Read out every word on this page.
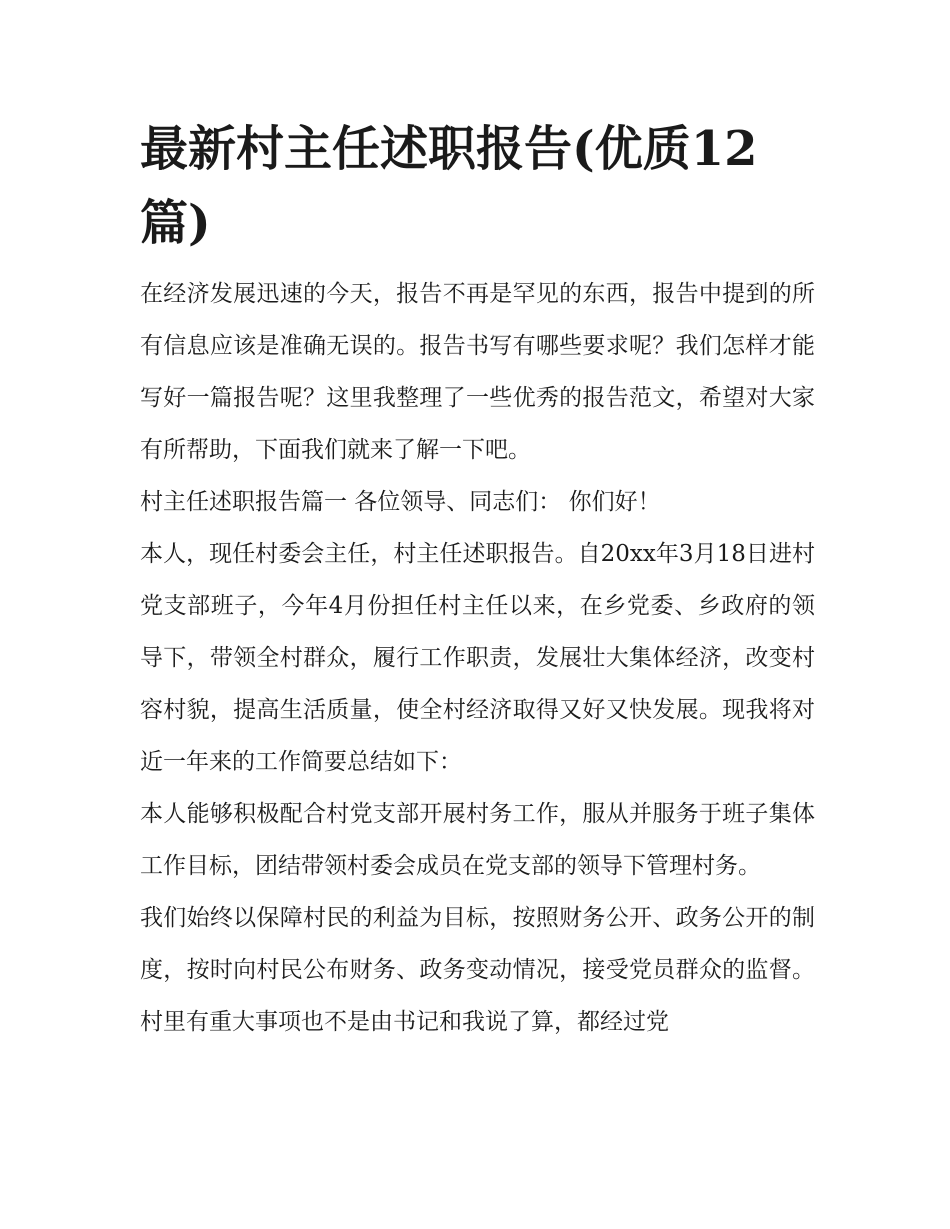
最新村主任述职报告(优质12篇)

在经济发展迅速的今天，报告不再是罕见的东西，报告中提到的所有信息应该是准确无误的。报告书写有哪些要求呢？我们怎样才能写好一篇报告呢？这里我整理了一些优秀的报告范文，希望对大家有所帮助，下面我们就来了解一下吧。

村主任述职报告篇一 各位领导、同志们： 你们好！

本人，现任村委会主任，村主任述职报告。自20xx年3月18日进村党支部班子，今年4月份担任村主任以来，在乡党委、乡政府的领导下，带领全村群众，履行工作职责，发展壮大集体经济，改变村容村貌，提高生活质量，使全村经济取得又好又快发展。现我将对近一年来的工作简要总结如下：

本人能够积极配合村党支部开展村务工作，服从并服务于班子集体工作目标，团结带领村委会成员在党支部的领导下管理村务。

我们始终以保障村民的利益为目标，按照财务公开、政务公开的制度，按时向村民公布财务、政务变动情况，接受党员群众的监督。村里有重大事项也不是由书记和我说了算，都经过党
